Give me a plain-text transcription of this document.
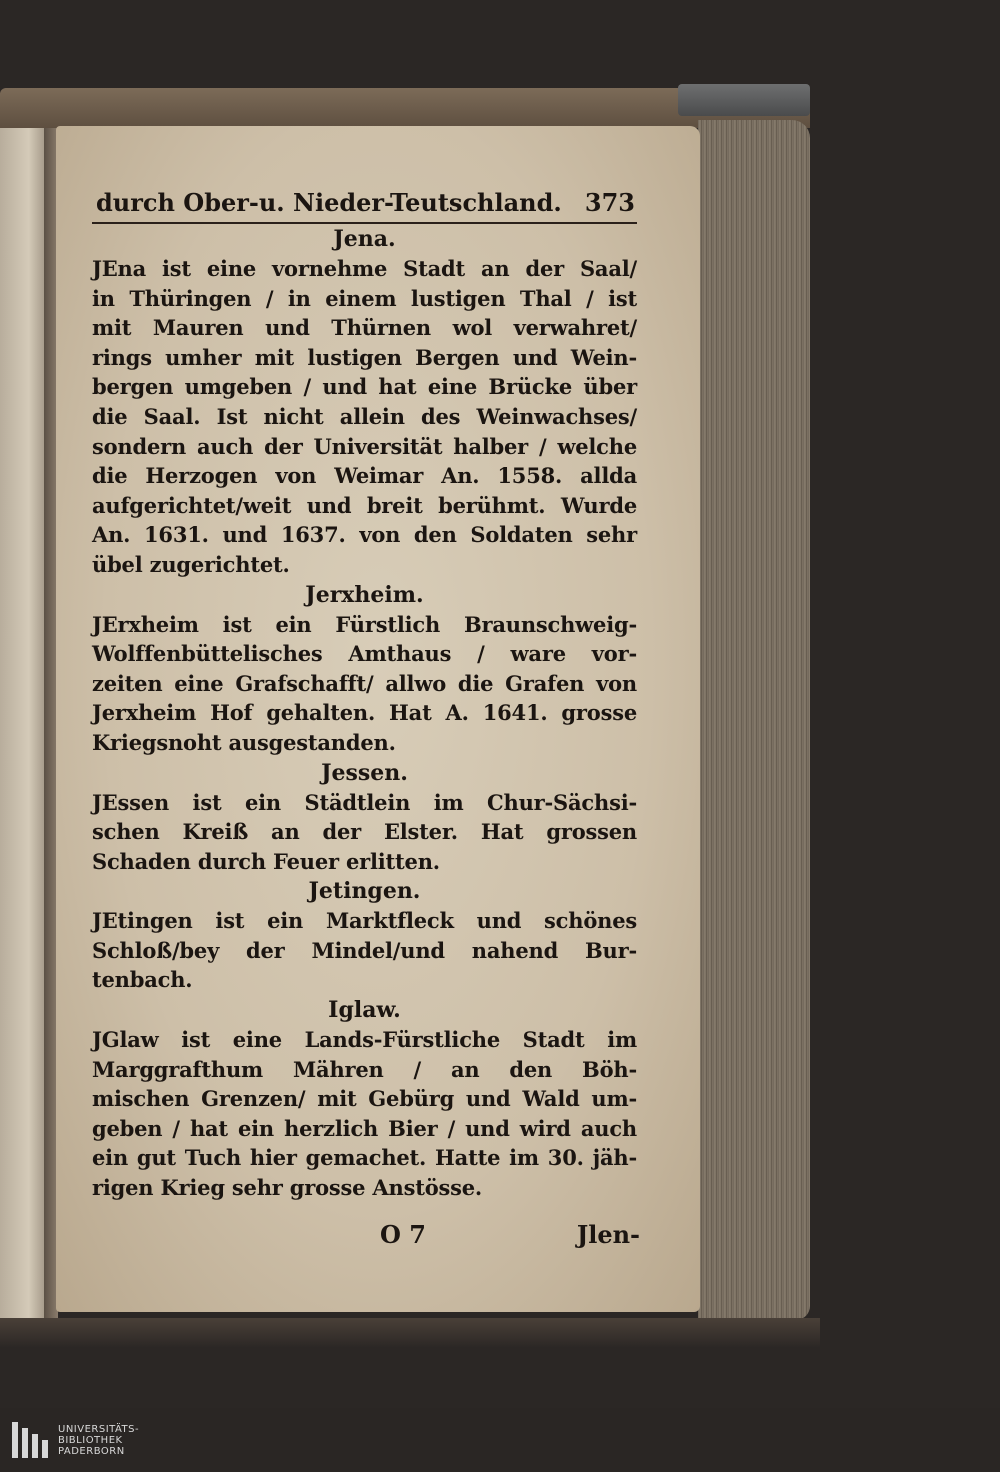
durch Ober-u. Nieder-Teutschland. 373
Jena.
JEna ist eine vornehme Stadt an der Saal/
in Thüringen / in einem lustigen Thal / ist
mit Mauren und Thürnen wol verwahret/
rings umher mit lustigen Bergen und Wein-
bergen umgeben / und hat eine Brücke über
die Saal. Ist nicht allein des Weinwachses/
sondern auch der Universität halber / welche
die Herzogen von Weimar An. 1558. allda
aufgerichtet/weit und breit berühmt. Wurde
An. 1631. und 1637. von den Soldaten sehr
übel zugerichtet.
Jerxheim.
JErxheim ist ein Fürstlich Braunschweig-
Wolffenbüttelisches Amthaus / ware vor-
zeiten eine Grafschafft/ allwo die Grafen von
Jerxheim Hof gehalten. Hat A. 1641. grosse
Kriegsnoht ausgestanden.
Jessen.
JEssen ist ein Städtlein im Chur-Sächsi-
schen Kreiß an der Elster. Hat grossen
Schaden durch Feuer erlitten.
Jetingen.
JEtingen ist ein Marktfleck und schönes
Schloß/bey der Mindel/und nahend Bur-
tenbach.
Iglaw.
JGlaw ist eine Lands-Fürstliche Stadt im
Marggrafthum Mähren / an den Böh-
mischen Grenzen/ mit Gebürg und Wald um-
geben / hat ein herzlich Bier / und wird auch
ein gut Tuch hier gemachet. Hatte im 30. jäh-
rigen Krieg sehr grosse Anstösse.
O 7	Jlen-
UNIVERSITÄTS-
BIBLIOTHEK
PADERBORN
